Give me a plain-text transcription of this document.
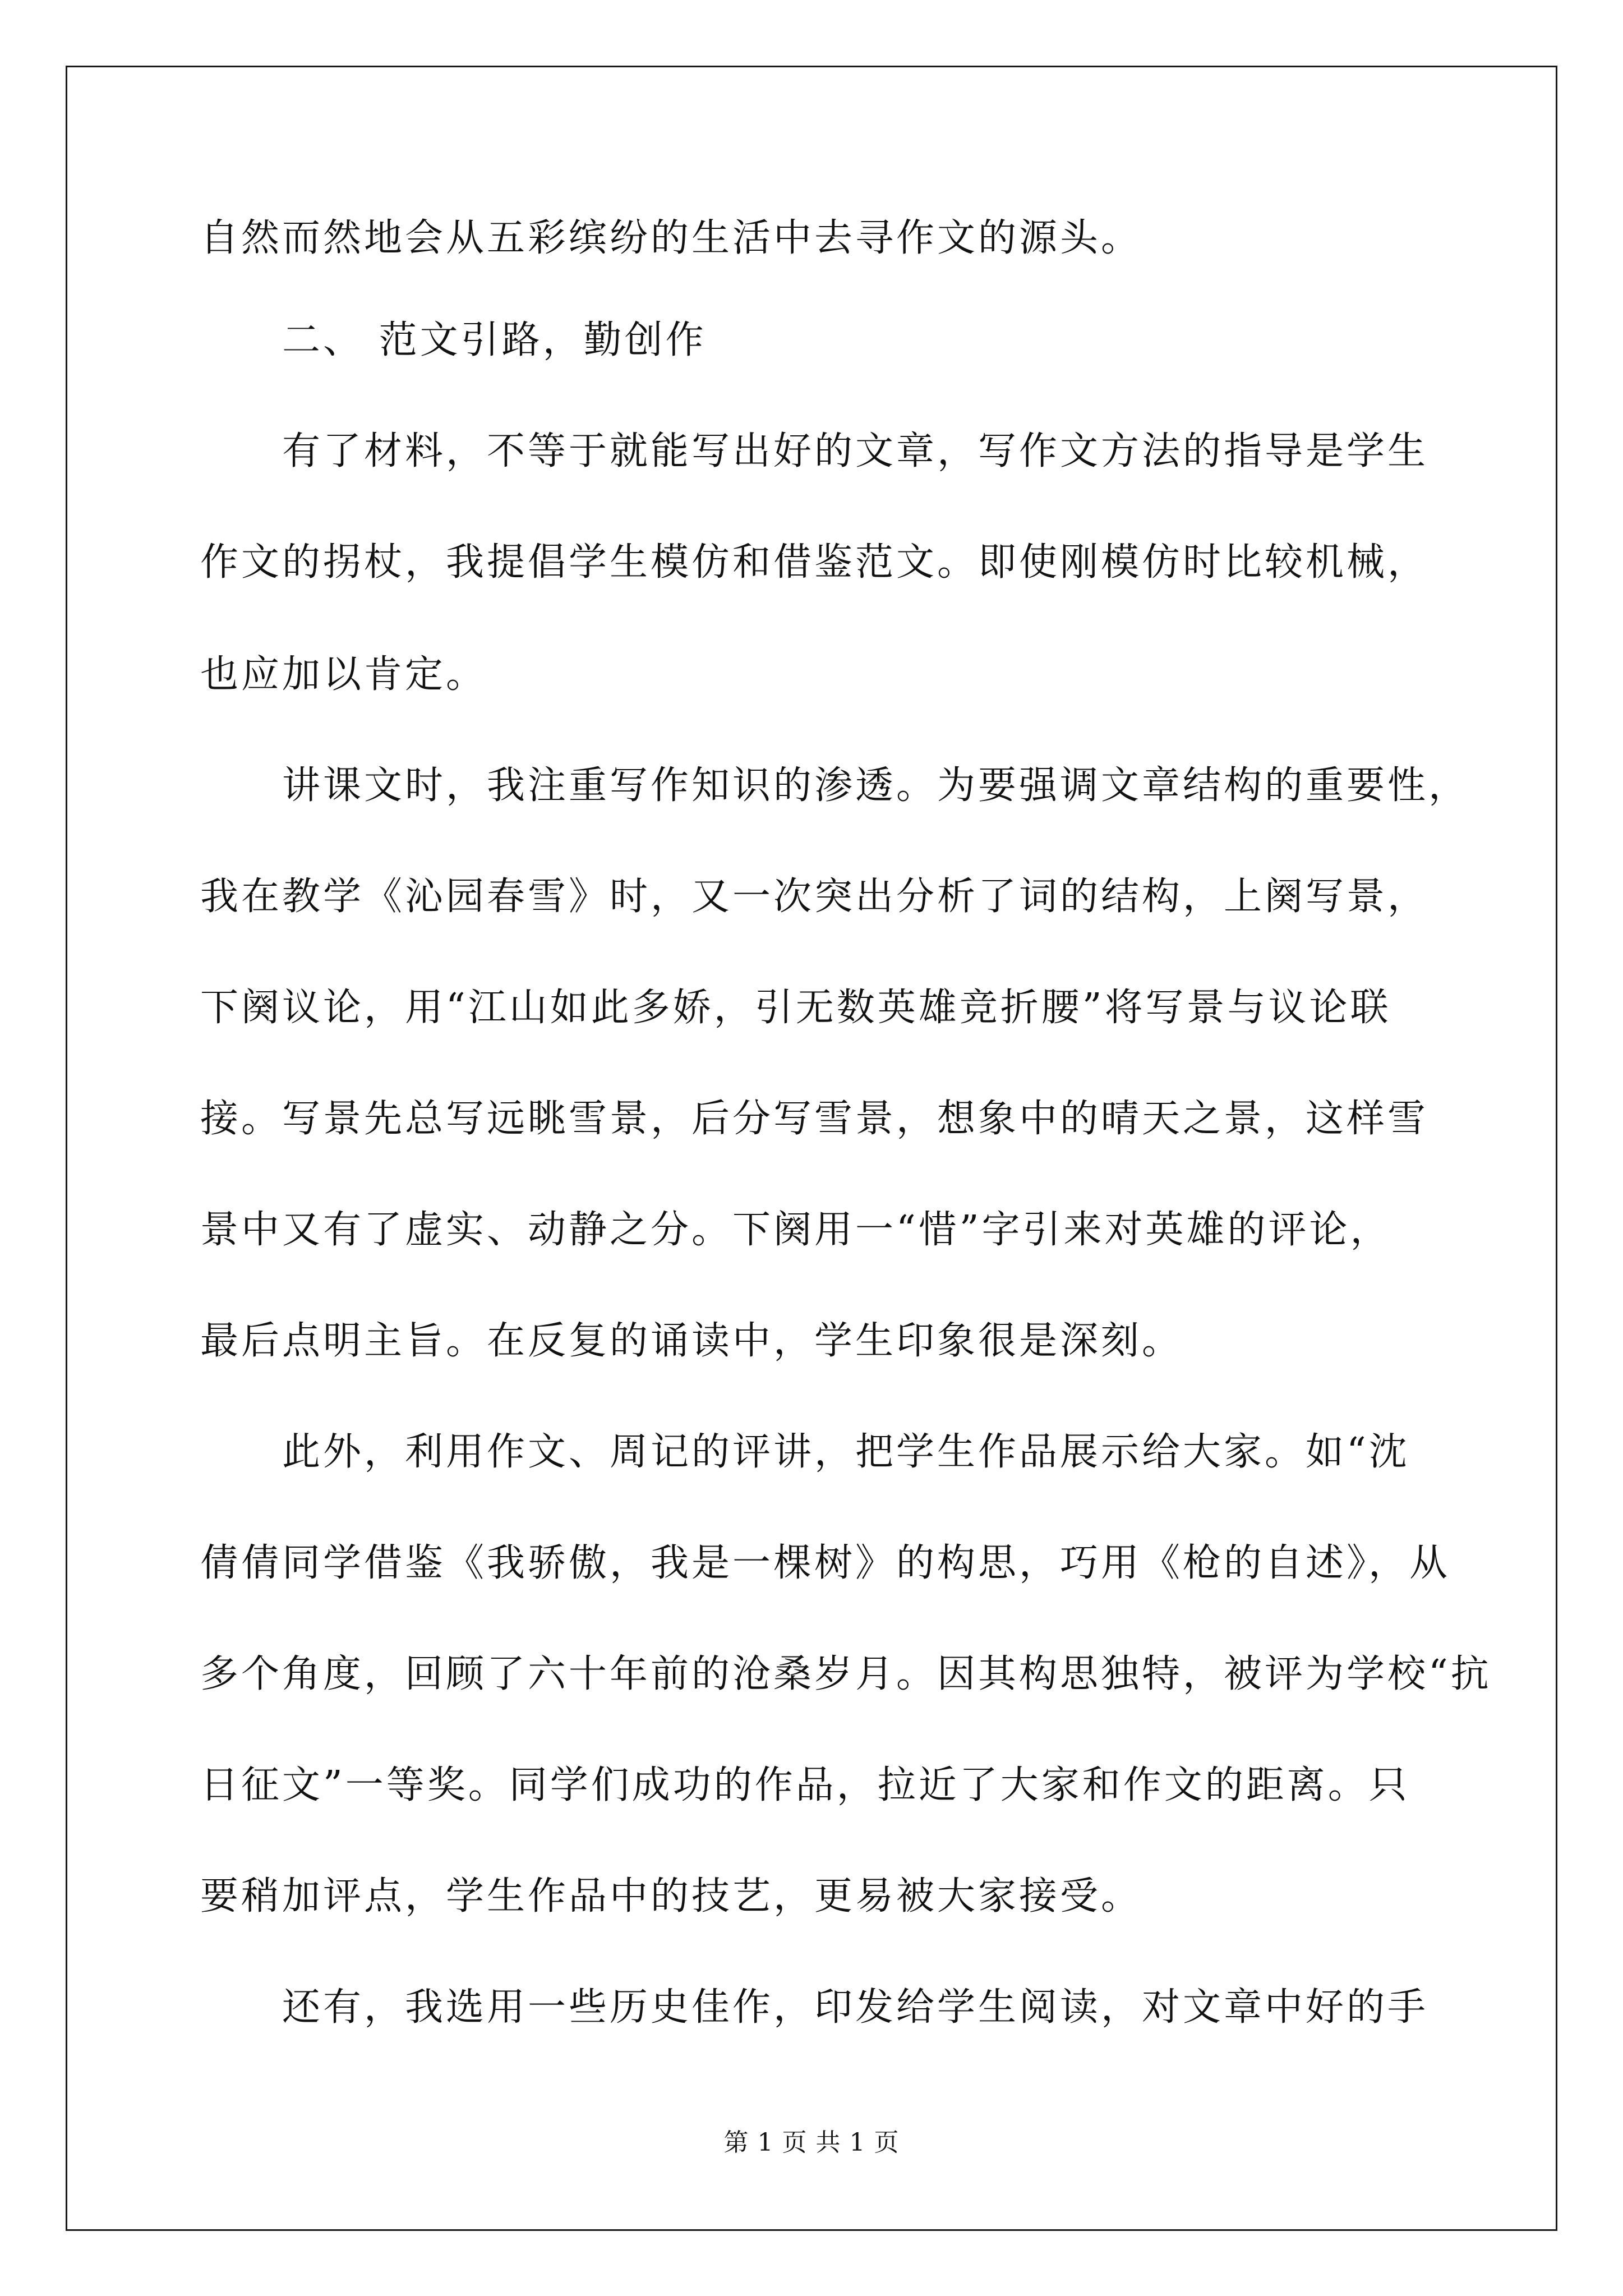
自然而然地会从五彩缤纷的生活中去寻作文的源头。
二、 范文引路，勤创作
有了材料，不等于就能写出好的文章，写作文方法的指导是学生
作文的拐杖，我提倡学生模仿和借鉴范文。即使刚模仿时比较机械，
也应加以肯定。
讲课文时，我注重写作知识的渗透。为要强调文章结构的重要性，
我在教学《沁园春雪》时，又一次突出分析了词的结构，上阕写景，
下阕议论，用“江山如此多娇，引无数英雄竞折腰”将写景与议论联
接。写景先总写远眺雪景，后分写雪景，想象中的晴天之景，这样雪
景中又有了虚实、动静之分。下阕用一“惜”字引来对英雄的评论，
最后点明主旨。在反复的诵读中，学生印象很是深刻。
此外，利用作文、周记的评讲，把学生作品展示给大家。如“沈
倩倩同学借鉴《我骄傲，我是一棵树》的构思，巧用《枪的自述》，从
多个角度，回顾了六十年前的沧桑岁月。因其构思独特，被评为学校“抗
日征文”一等奖。同学们成功的作品，拉近了大家和作文的距离。只
要稍加评点，学生作品中的技艺，更易被大家接受。
还有，我选用一些历史佳作，印发给学生阅读，对文章中好的手
第 1 页 共 1 页
